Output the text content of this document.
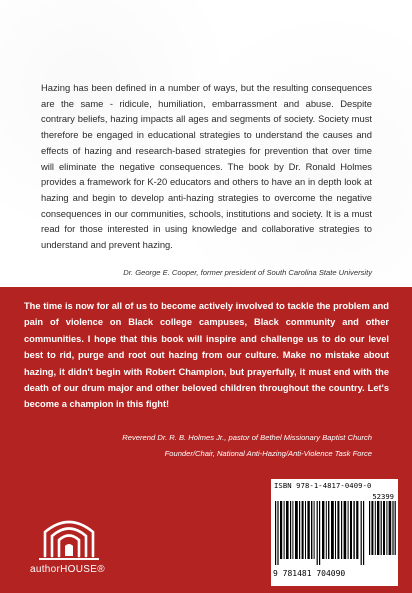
Hazing has been defined in a number of ways, but the resulting consequences are the same - ridicule, humiliation, embarrassment and abuse. Despite contrary beliefs, hazing impacts all ages and segments of society. Society must therefore be engaged in educational strategies to understand the causes and effects of hazing and research-based strategies for prevention that over time will eliminate the negative consequences. The book by Dr. Ronald Holmes provides a framework for K-20 educators and others to have an in depth look at hazing and begin to develop anti-hazing strategies to overcome the negative consequences in our communities, schools, institutions and society. It is a must read for those interested in using knowledge and collaborative strategies to understand and prevent hazing.

Dr. George E. Cooper, former president of South Carolina State University

The time is now for all of us to become actively involved to tackle the problem and pain of violence on Black college campuses, Black community and other communities. I hope that this book will inspire and challenge us to do our level best to rid, purge and root out hazing from our culture. Make no mistake about hazing, it didn't begin with Robert Champion, but prayerfully, it must end with the death of our drum major and other beloved children throughout the country. Let's become a champion in this fight!

Reverend Dr. R. B. Holmes Jr., pastor of Bethel Missionary Baptist Church
Founder/Chair, National Anti-Hazing/Anti-Violence Task Force
authorHOUSE®
ISBN 978-1-4817-0409-0
52399
9 781481 704090
